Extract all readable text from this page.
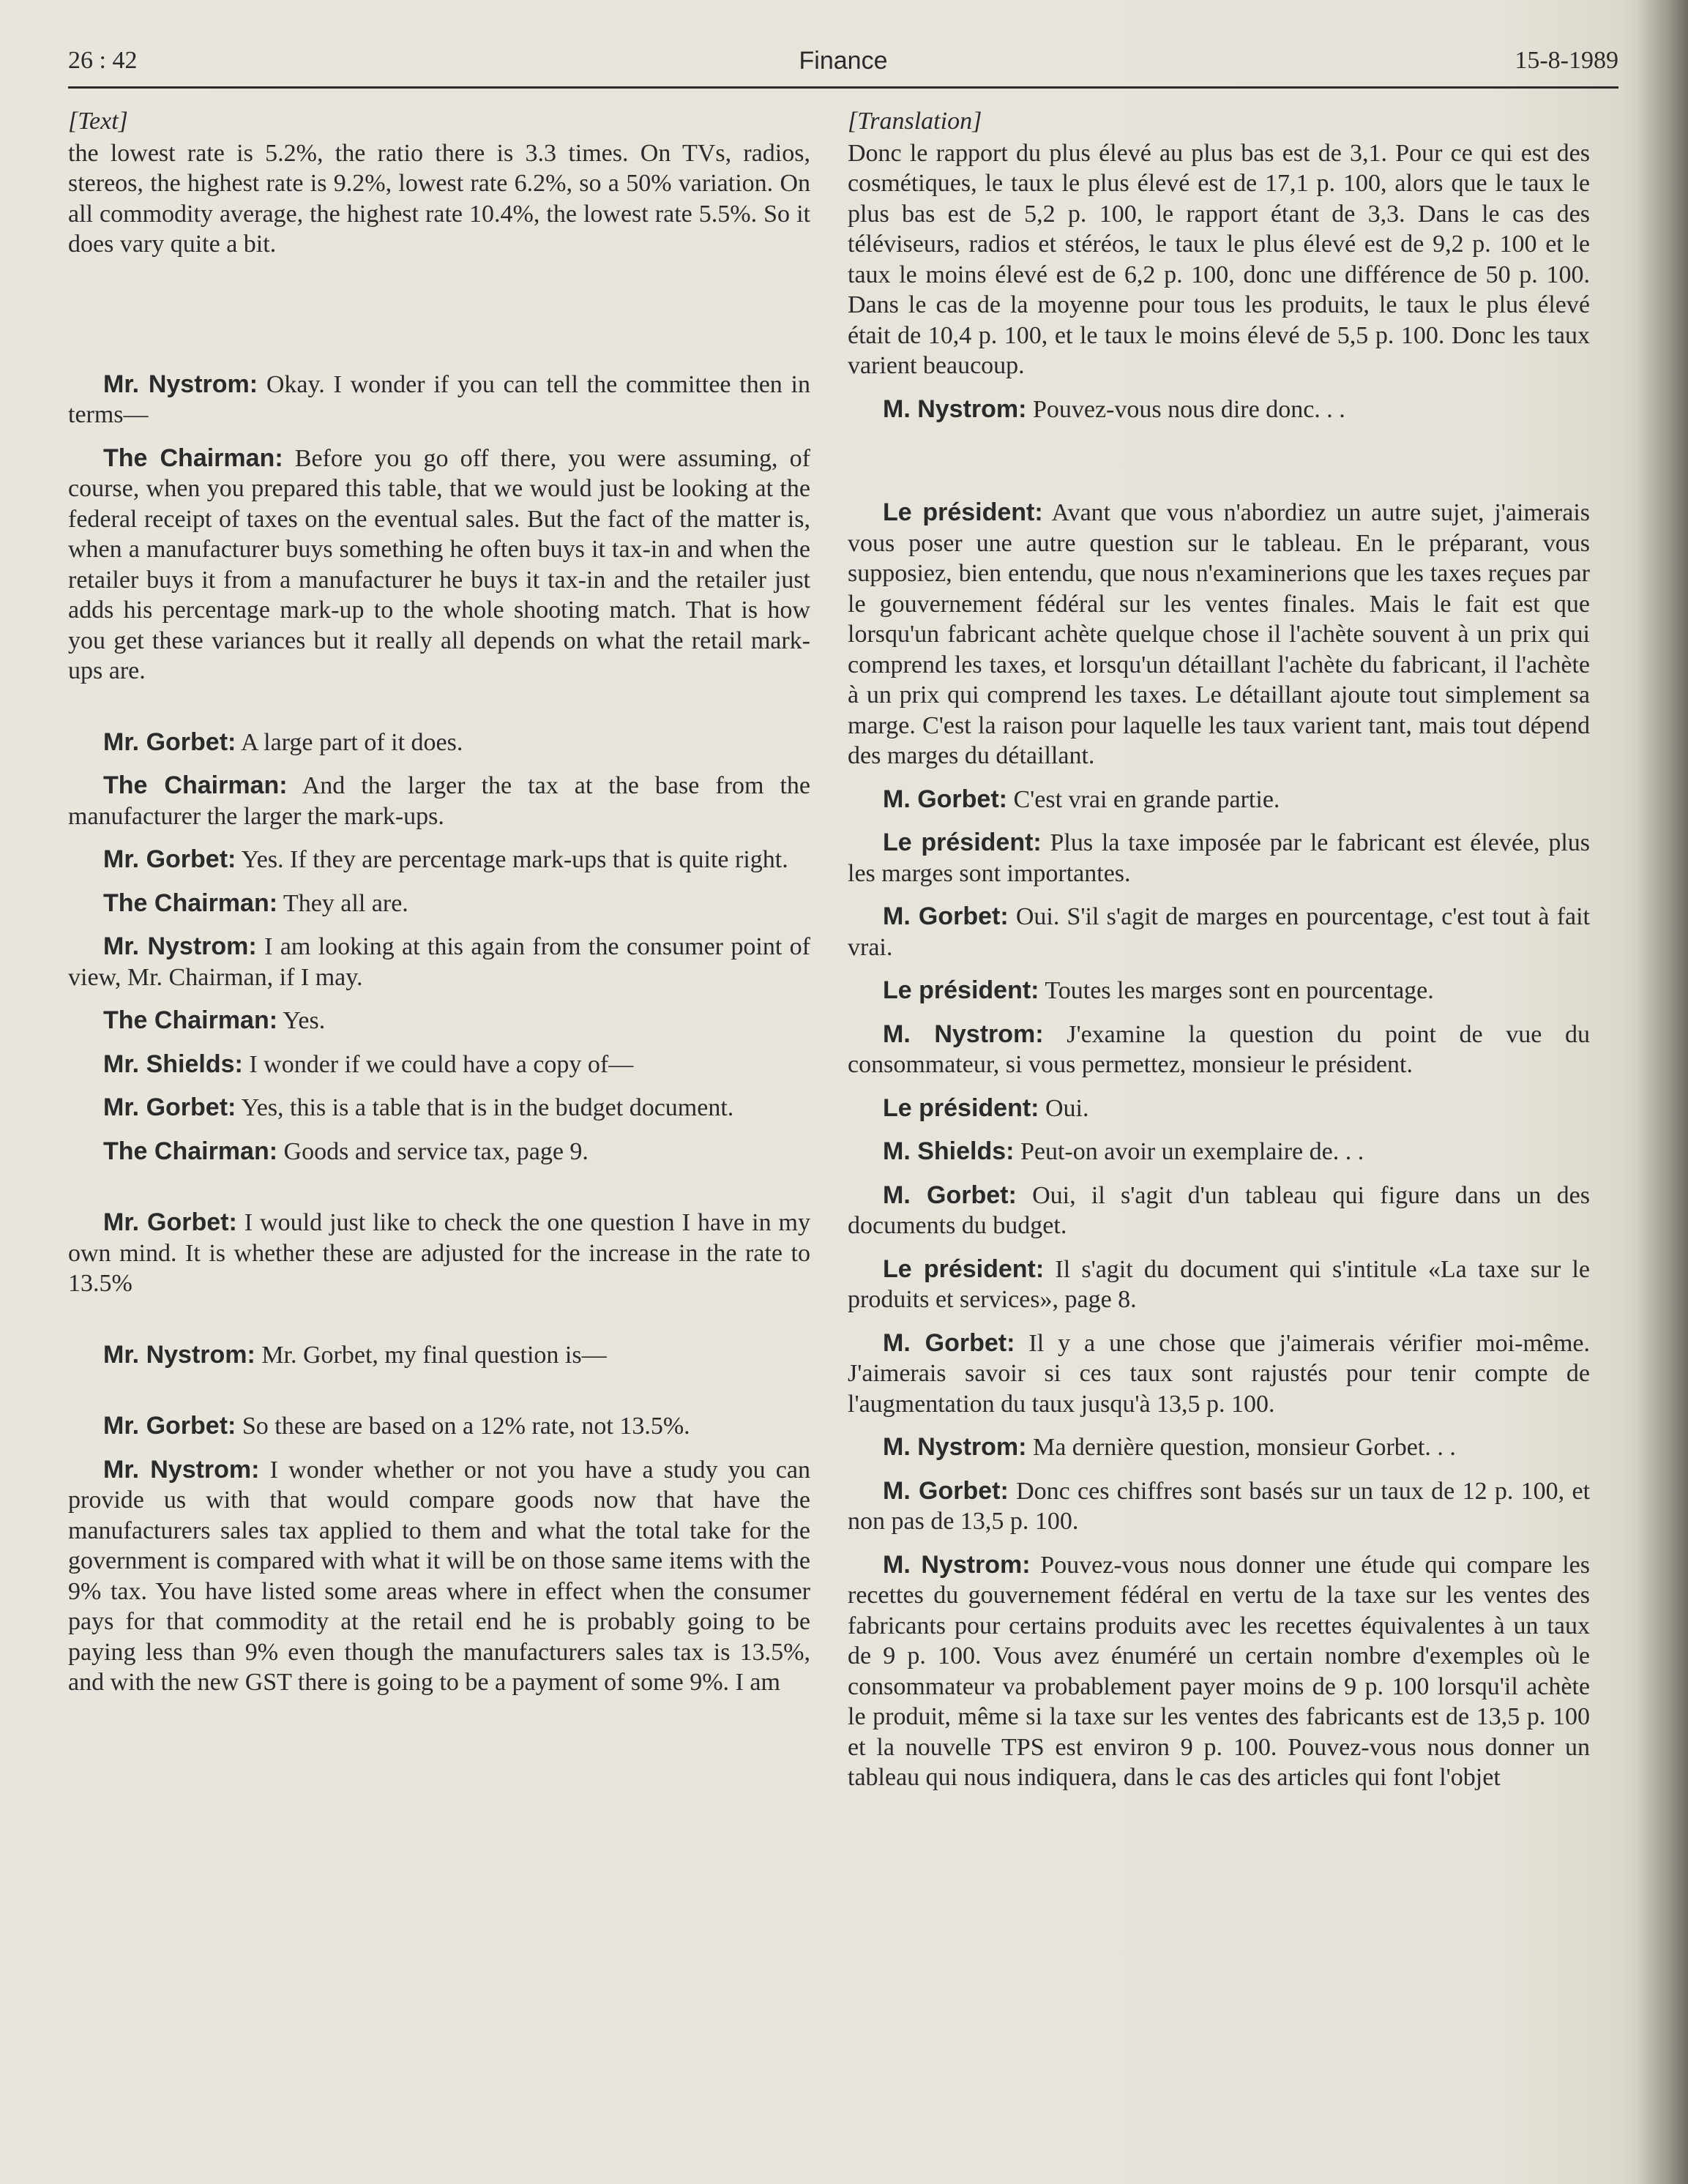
26 : 42	Finance	15-8-1989
[Text]

the lowest rate is 5.2%, the ratio there is 3.3 times. On TVs, radios, stereos, the highest rate is 9.2%, lowest rate 6.2%, so a 50% variation. On all commodity average, the highest rate 10.4%, the lowest rate 5.5%. So it does vary quite a bit.

Mr. Nystrom: Okay. I wonder if you can tell the committee then in terms—

The Chairman: Before you go off there, you were assuming, of course, when you prepared this table, that we would just be looking at the federal receipt of taxes on the eventual sales. But the fact of the matter is, when a manufacturer buys something he often buys it tax-in and when the retailer buys it from a manufacturer he buys it tax-in and the retailer just adds his percentage mark-up to the whole shooting match. That is how you get these variances but it really all depends on what the retail mark-ups are.

Mr. Gorbet: A large part of it does.

The Chairman: And the larger the tax at the base from the manufacturer the larger the mark-ups.

Mr. Gorbet: Yes. If they are percentage mark-ups that is quite right.

The Chairman: They all are.

Mr. Nystrom: I am looking at this again from the consumer point of view, Mr. Chairman, if I may.

The Chairman: Yes.

Mr. Shields: I wonder if we could have a copy of—

Mr. Gorbet: Yes, this is a table that is in the budget document.

The Chairman: Goods and service tax, page 9.

Mr. Gorbet: I would just like to check the one question I have in my own mind. It is whether these are adjusted for the increase in the rate to 13.5%

Mr. Nystrom: Mr. Gorbet, my final question is—

Mr. Gorbet: So these are based on a 12% rate, not 13.5%.

Mr. Nystrom: I wonder whether or not you have a study you can provide us with that would compare goods now that have the manufacturers sales tax applied to them and what the total take for the government is compared with what it will be on those same items with the 9% tax. You have listed some areas where in effect when the consumer pays for that commodity at the retail end he is probably going to be paying less than 9% even though the manufacturers sales tax is 13.5%, and with the new GST there is going to be a payment of some 9%. I am

[Translation]

Donc le rapport du plus élevé au plus bas est de 3,1. Pour ce qui est des cosmétiques, le taux le plus élevé est de 17,1 p. 100, alors que le taux le plus bas est de 5,2 p. 100, le rapport étant de 3,3. Dans le cas des téléviseurs, radios et stéréos, le taux le plus élevé est de 9,2 p. 100 et le taux le moins élevé est de 6,2 p. 100, donc une différence de 50 p. 100. Dans le cas de la moyenne pour tous les produits, le taux le plus élevé était de 10,4 p. 100, et le taux le moins élevé de 5,5 p. 100. Donc les taux varient beaucoup.

M. Nystrom: Pouvez-vous nous dire donc. . .

Le président: Avant que vous n'abordiez un autre sujet, j'aimerais vous poser une autre question sur le tableau. En le préparant, vous supposiez, bien entendu, que nous n'examinerions que les taxes reçues par le gouvernement fédéral sur les ventes finales. Mais le fait est que lorsqu'un fabricant achète quelque chose il l'achète souvent à un prix qui comprend les taxes, et lorsqu'un détaillant l'achète du fabricant, il l'achète à un prix qui comprend les taxes. Le détaillant ajoute tout simplement sa marge. C'est la raison pour laquelle les taux varient tant, mais tout dépend des marges du détaillant.

M. Gorbet: C'est vrai en grande partie.

Le président: Plus la taxe imposée par le fabricant est élevée, plus les marges sont importantes.

M. Gorbet: Oui. S'il s'agit de marges en pourcentage, c'est tout à fait vrai.

Le président: Toutes les marges sont en pourcentage.

M. Nystrom: J'examine la question du point de vue du consommateur, si vous permettez, monsieur le président.

Le président: Oui.

M. Shields: Peut-on avoir un exemplaire de. . .

M. Gorbet: Oui, il s'agit d'un tableau qui figure dans un des documents du budget.

Le président: Il s'agit du document qui s'intitule «La taxe sur le produits et services», page 8.

M. Gorbet: Il y a une chose que j'aimerais vérifier moi-même. J'aimerais savoir si ces taux sont rajustés pour tenir compte de l'augmentation du taux jusqu'à 13,5 p. 100.

M. Nystrom: Ma dernière question, monsieur Gorbet. . .

M. Gorbet: Donc ces chiffres sont basés sur un taux de 12 p. 100, et non pas de 13,5 p. 100.

M. Nystrom: Pouvez-vous nous donner une étude qui compare les recettes du gouvernement fédéral en vertu de la taxe sur les ventes des fabricants pour certains produits avec les recettes équivalentes à un taux de 9 p. 100. Vous avez énuméré un certain nombre d'exemples où le consommateur va probablement payer moins de 9 p. 100 lorsqu'il achète le produit, même si la taxe sur les ventes des fabricants est de 13,5 p. 100 et la nouvelle TPS est environ 9 p. 100. Pouvez-vous nous donner un tableau qui nous indiquera, dans le cas des articles qui font l'objet
